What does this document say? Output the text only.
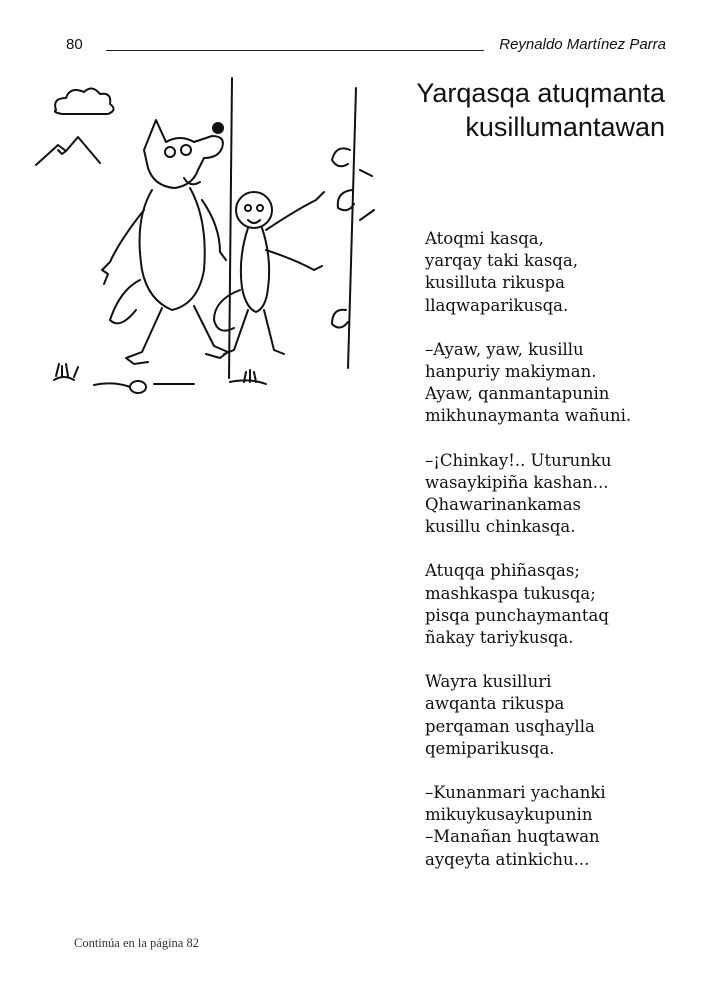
80	Reynaldo Martínez Parra
Yarqasqa atuqmanta
kusillumantawan

Atoqmi kasqa,
yarqay taki kasqa,
kusilluta rikuspa
llaqwaparikusqa.

–Ayaw, yaw, kusillu
hanpuriy makiyman.
Ayaw, qanmantapunin
mikhunaymanta wañuni.

–¡Chinkay!.. Uturunku
wasaykipiña kashan...
Qhawarinankamas
kusillu chinkasqa.

Atuqqa phiñasqas;
mashkaspa tukusqa;
pisqa punchaymantaq
ñakay tariykusqa.

Wayra kusilluri
awqanta rikuspa
perqaman usqhaylla
qemiparikusqa.

–Kunanmari yachanki
mikuykusaykupunin
–Manañan huqtawan
ayqeyta atinkichu...

Continúa en la página 82
